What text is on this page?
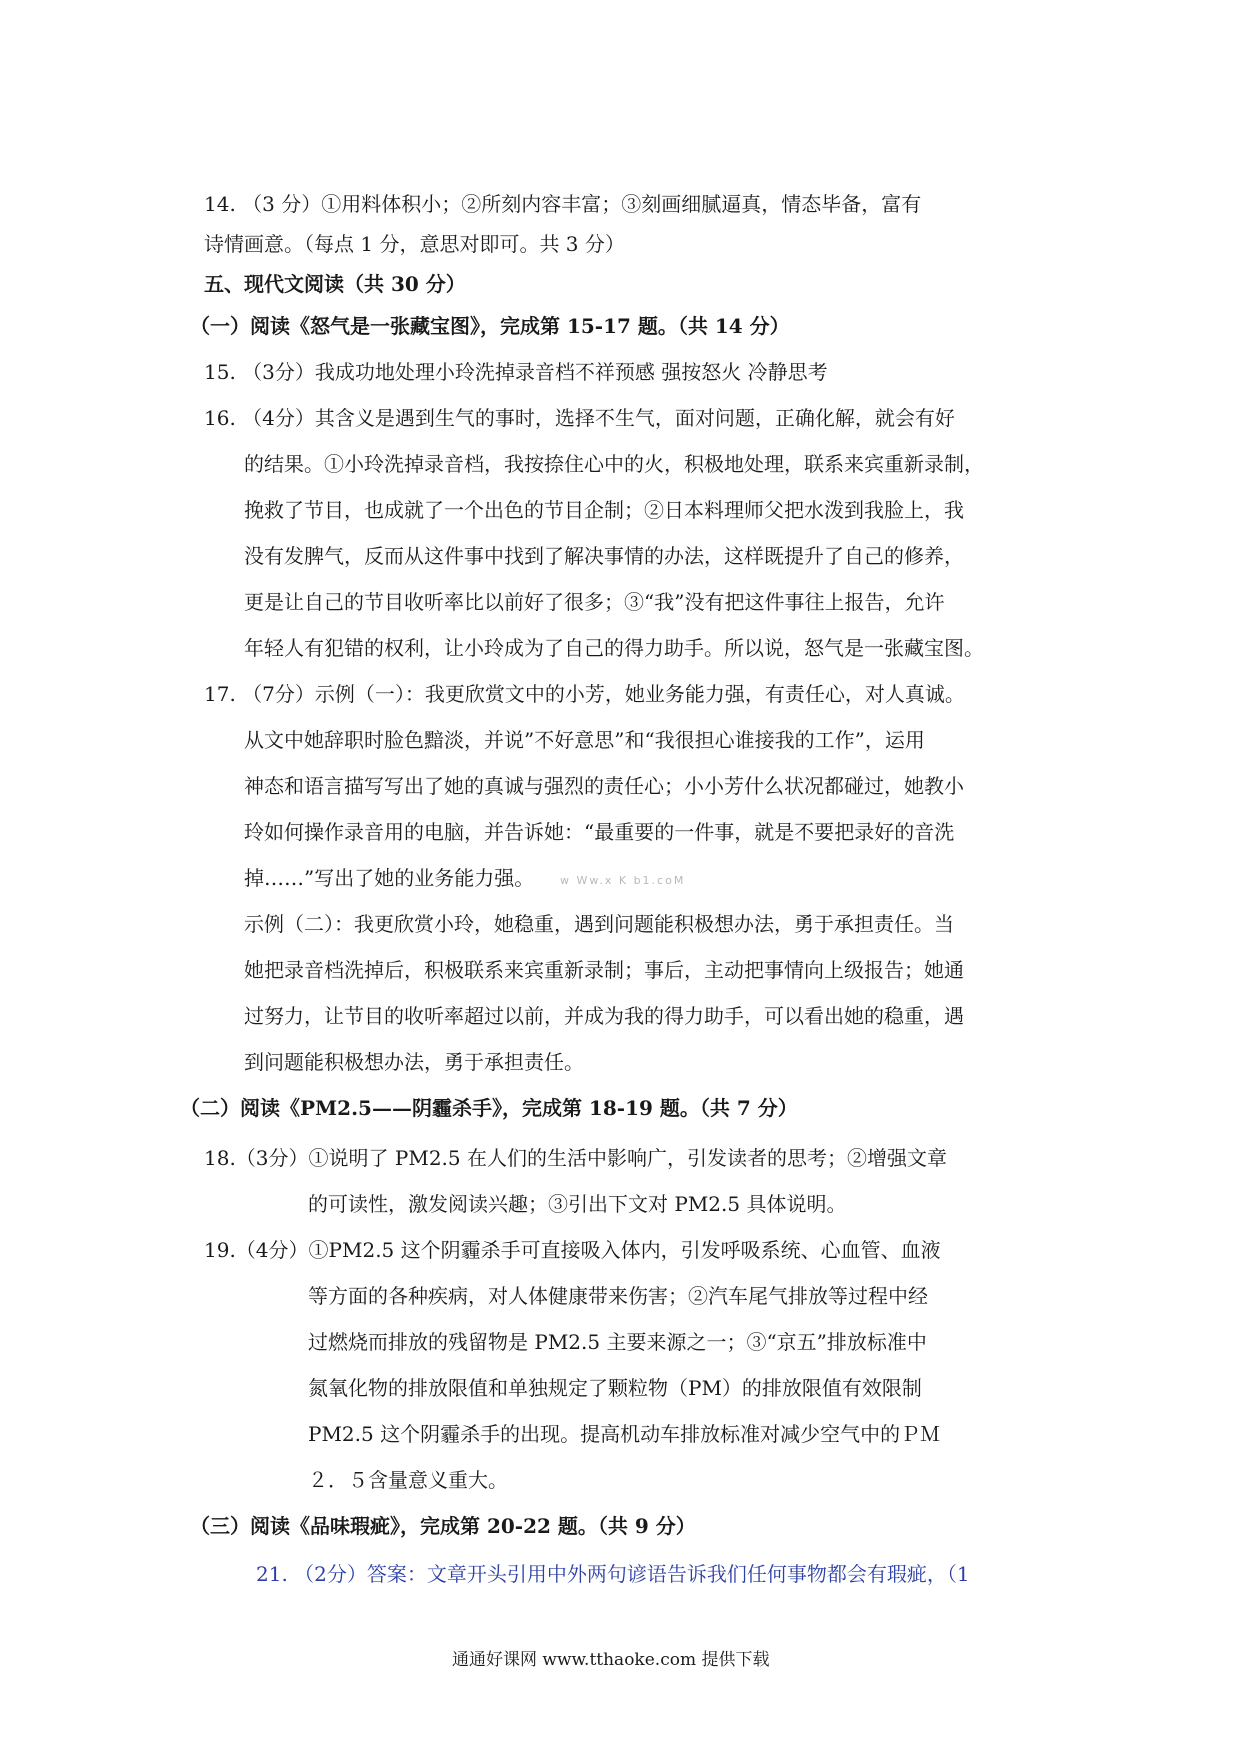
14. （3 分）①用料体积小；②所刻内容丰富；③刻画细腻逼真，情态毕备，富有
诗情画意。（每点 1 分，意思对即可。共 3 分）
五、现代文阅读（共 30 分）
（一）阅读《怒气是一张藏宝图》，完成第 15-17 题。（共 14 分）
15. （3分）我成功地处理小玲洗掉录音档不祥预感 强按怒火 冷静思考
16. （4分）其含义是遇到生气的事时，选择不生气，面对问题，正确化解，就会有好
的结果。①小玲洗掉录音档，我按捺住心中的火，积极地处理，联系来宾重新录制，
挽救了节目，也成就了一个出色的节目企制；②日本料理师父把水泼到我脸上，我
没有发脾气，反而从这件事中找到了解决事情的办法，这样既提升了自己的修养，
更是让自己的节目收听率比以前好了很多；③“我”没有把这件事往上报告，允许
年轻人有犯错的权利，让小玲成为了自己的得力助手。所以说，怒气是一张藏宝图。
17. （7分）示例（一）：我更欣赏文中的小芳，她业务能力强，有责任心，对人真诚。
从文中她辞职时脸色黯淡，并说”不好意思”和“我很担心谁接我的工作”，运用
神态和语言描写写出了她的真诚与强烈的责任心；小小芳什么状况都碰过，她教小
玲如何操作录音用的电脑，并告诉她：“最重要的一件事，就是不要把录好的音洗
掉……”写出了她的业务能力强。 w Ww.x K b1.coM
示例（二）：我更欣赏小玲，她稳重，遇到问题能积极想办法，勇于承担责任。当
她把录音档洗掉后，积极联系来宾重新录制；事后，主动把事情向上级报告；她通
过努力，让节目的收听率超过以前，并成为我的得力助手，可以看出她的稳重，遇
到问题能积极想办法，勇于承担责任。
（二）阅读《PM2.5——阴霾杀手》，完成第 18-19 题。（共 7 分）
18.（3分）①说明了 PM2.5 在人们的生活中影响广，引发读者的思考；②增强文章
的可读性，激发阅读兴趣；③引出下文对 PM2.5 具体说明。
19.（4分）①PM2.5 这个阴霾杀手可直接吸入体内，引发呼吸系统、心血管、血液
等方面的各种疾病，对人体健康带来伤害；②汽车尾气排放等过程中经
过燃烧而排放的残留物是 PM2.5 主要来源之一；③“京五”排放标准中
氮氧化物的排放限值和单独规定了颗粒物（PM）的排放限值有效限制
PM2.5 这个阴霾杀手的出现。提高机动车排放标准对减少空气中的ＰＭ
２．５含量意义重大。
（三）阅读《品味瑕疵》，完成第 20-22 题。（共 9 分）
21. （2分）答案：文章开头引用中外两句谚语告诉我们任何事物都会有瑕疵，（1
通通好课网 www.tthaoke.com 提供下载
